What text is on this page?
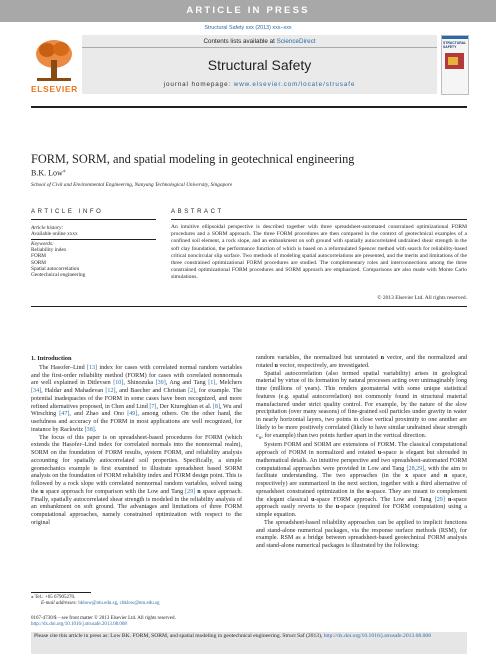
ARTICLE IN PRESS
Structural Safety xxx (2013) xxx–xxx
ELSEVIER
Contents lists available at ScienceDirect
Structural Safety
journal homepage: www.elsevier.com/locate/strusafe
STRUCTURAL SAFETY
FORM, SORM, and spatial modeling in geotechnical engineering
B.K. Low⁎
School of Civil and Environmental Engineering, Nanyang Technological University, Singapore
ARTICLE INFO	ABSTRACT
Article history:
Available online xxxx
Keywords:
Reliability index
FORM
SORM
Spatial autocorrelation
Geotechnical engineering

An intuitive ellipsoidal perspective is described together with three spreadsheet-automated constrained optimizational FORM procedures and a SORM approach. The three FORM procedures are then compared in the context of geotechnical examples of a confined soil element, a rock slope, and an embankment on soft ground with spatially autocorrelated undrained shear strength in the soft clay foundation, the performance function of which is based on a reformulated Spencer method with search for reliability-based critical noncircular slip surface. Two methods of modeling spatial autocorrelations are presented, and the merits and limitations of the three constrained optimizational FORM procedures are studied. The complementary roles and interconnections among the three constrained optimizational FORM procedures and SORM approach are emphasized. Comparisons are also made with Monte Carlo simulations.

© 2013 Elsevier Ltd. All rights reserved.
1. Introduction

The Hasofer–Lind [13] index for cases with correlated normal random variables and the first-order reliability method (FORM) for cases with correlated nonnormals are well explained in Ditlevsen [10], Shinozuka [39], Ang and Tang [1], Melchers [34], Haldar and Mahadevan [12], and Baecher and Christian [2], for example. The potential inadequacies of the FORM in some cases have been recognized, and more refined alternatives proposed, in Chen and Lind [7], Der Kiureghian et al. [8], Wu and Wirsching [47], and Zhao and Ono [49], among others. On the other hand, the usefulness and accuracy of the FORM in most applications are well recognized, for instance by Rackwitz [38].

The focus of this paper is on spreadsheet-based procedures for FORM (which extends the Hasofer–Lind index for correlated normals into the nonnormal realm), SORM on the foundation of FORM results, system FORM, and reliability analysis accounting for spatially autocorrelated soil properties. Specifically, a simple geomechanics example is first examined to illustrate spreadsheet based SORM analysis on the foundation of FORM reliability index and FORM design point. This is followed by a rock slope with correlated nonnormal random variables, solved using the u space approach for comparison with the Low and Tang [29] n space approach. Finally, spatially autocorrelated shear strength is modeled in the reliability analysis of an embankment on soft ground. The advantages and limitations of three FORM computational approaches, namely constrained optimization with respect to the original

random variables, the normalized but unrotated n vector, and the normalized and rotated u vector, respectively, are investigated.

Spatial autocorrelation (also termed spatial variability) arises in geological material by virtue of its formation by natural processes acting over unimaginably long time (millions of years). This renders geomaterial with some unique statistical features (e.g. spatial autocorrelation) not commonly found in structural material manufactured under strict quality control. For example, by the nature of the slow precipitation (over many seasons) of fine-grained soil particles under gravity in water in nearly horizontal layers, two points in close vertical proximity to one another are likely to be more positively correlated (likely to have similar undrained shear strength $c_u$, for example) than two points further apart in the vertical direction.

System FORM and SORM are extensions of FORM. The classical computational approach of FORM in normalized and rotated u-space is elegant but shrouded in mathematical details. An intuitive perspective and two spreadsheet-automated FORM computational approaches were provided in Low and Tang [28,29], with the aim to facilitate understanding. The two approaches (in the x space and n space, respectively) are summarized in the next section, together with a third alternative of spreadsheet constrained optimization in the u-space. They are meant to complement the elegant classical u-space FORM approach. The Low and Tang [29] n-space approach easily reverts to the u-space (required for FORM computation) using a simple equation.

The spreadsheet-based reliability approaches can be applied to implicit functions and stand-alone numerical packages, via the response surface methods (RSM), for example. RSM as a bridge between spreadsheet-based geotechnical FORM analysis and stand-alone numerical packages is illustrated by the following:

⁎ Tel.: +65 67905270.
E-mail addresses: bkbow@ntu.edu.sg, cbklow@ntu.edu.sg
0167-4730/$ – see front matter © 2013 Elsevier Ltd. All rights reserved.
http://dx.doi.org/10.1016/j.strusafe.2013.08.008
Please cite this article in press as: Low BK. FORM, SORM, and spatial modeling in geotechnical engineering. Struct Saf (2013), http://dx.doi.org/10.1016/j.strusafe.2013.08.008
